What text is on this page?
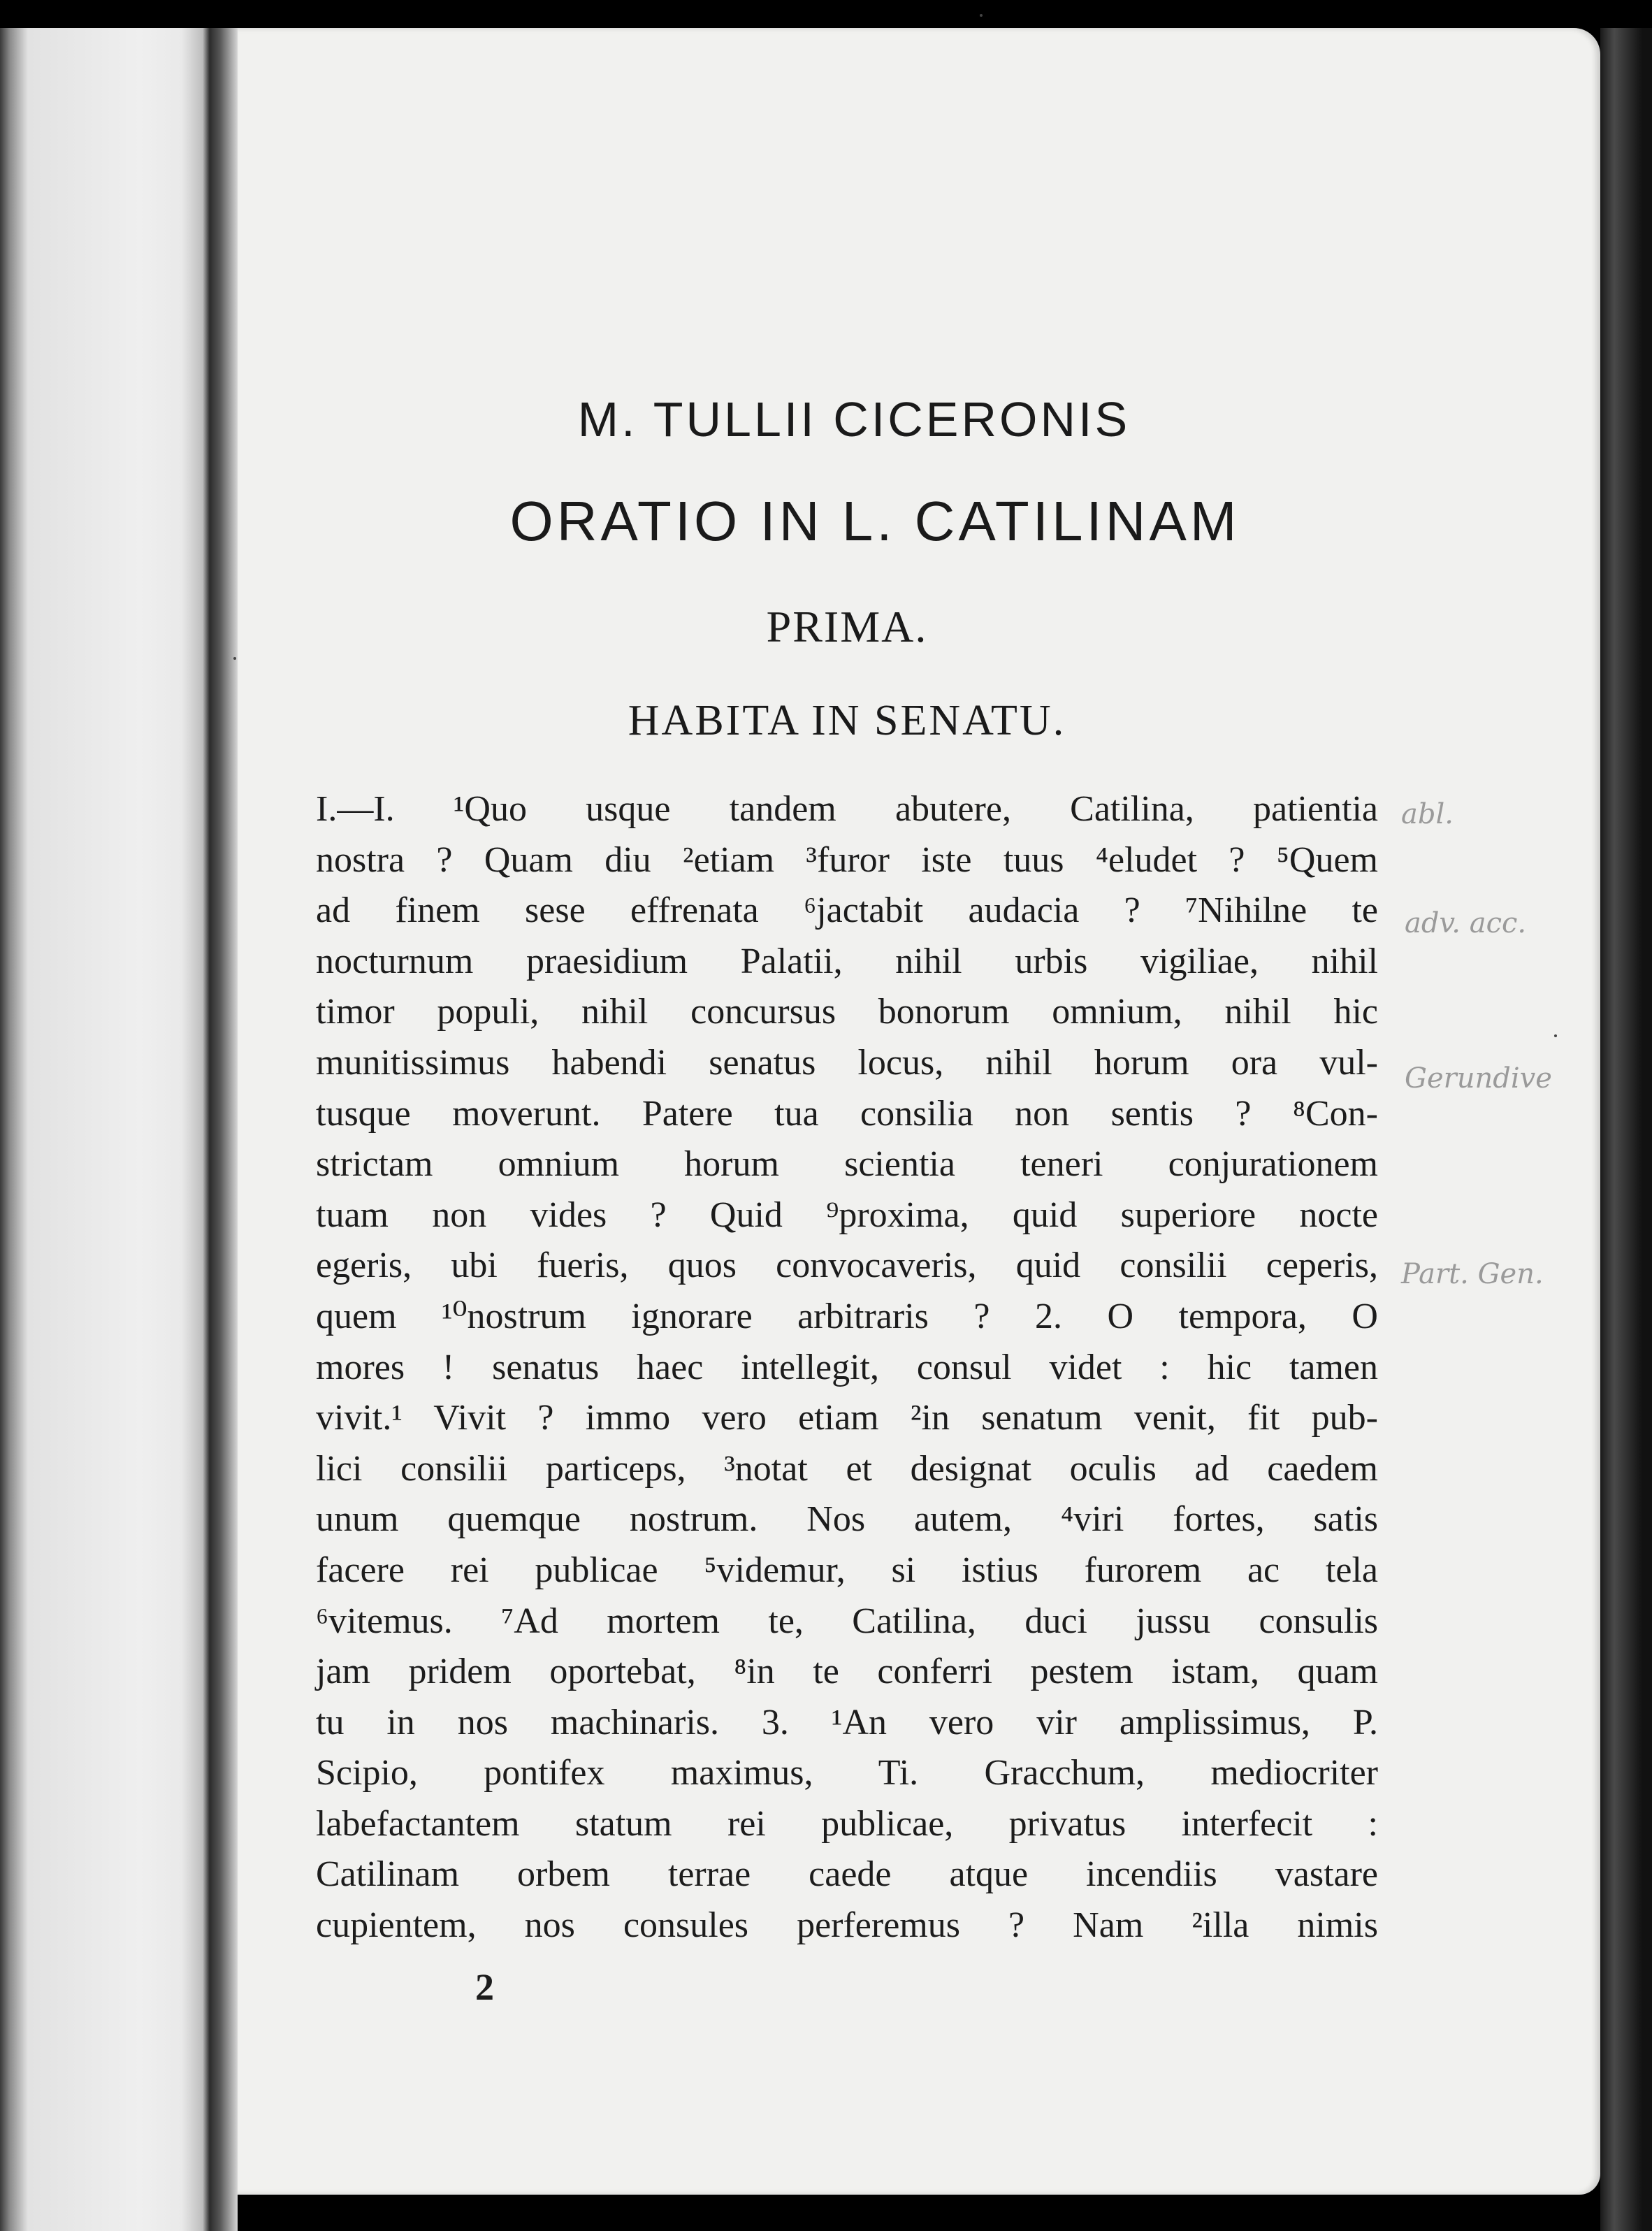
M. TULLII CICERONIS
ORATIO IN L. CATILINAM
PRIMA.
HABITA IN SENATU.
I.—I. ¹Quo usque tandem abutere, Catilina, patientia
nostra ? Quam diu ²etiam ³furor iste tuus ⁴eludet ? ⁵Quem
ad finem sese effrenata ⁶jactabit audacia ? ⁷Nihilne te
nocturnum praesidium Palatii, nihil urbis vigiliae, nihil
timor populi, nihil concursus bonorum omnium, nihil hic
munitissimus habendi senatus locus, nihil horum ora vul-
tusque moverunt. Patere tua consilia non sentis ? ⁸Con-
strictam omnium horum scientia teneri conjurationem
tuam non vides ? Quid ⁹proxima, quid superiore nocte
egeris, ubi fueris, quos convocaveris, quid consilii ceperis,
quem ¹⁰nostrum ignorare arbitraris ? 2. O tempora, O
mores ! senatus haec intellegit, consul videt : hic tamen
vivit.¹ Vivit ? immo vero etiam ²in senatum venit, fit pub-
lici consilii particeps, ³notat et designat oculis ad caedem
unum quemque nostrum. Nos autem, ⁴viri fortes, satis
facere rei publicae ⁵videmur, si istius furorem ac tela
⁶vitemus. ⁷Ad mortem te, Catilina, duci jussu consulis
jam pridem oportebat, ⁸in te conferri pestem istam, quam
tu in nos machinaris. 3. ¹An vero vir amplissimus, P.
Scipio, pontifex maximus, Ti. Gracchum, mediocriter
labefactantem statum rei publicae, privatus interfecit :
Catilinam orbem terrae caede atque incendiis vastare
cupientem, nos consules perferemus ? Nam ²illa nimis
2
abl.
adv. acc.
Gerundive
Part. Gen.
